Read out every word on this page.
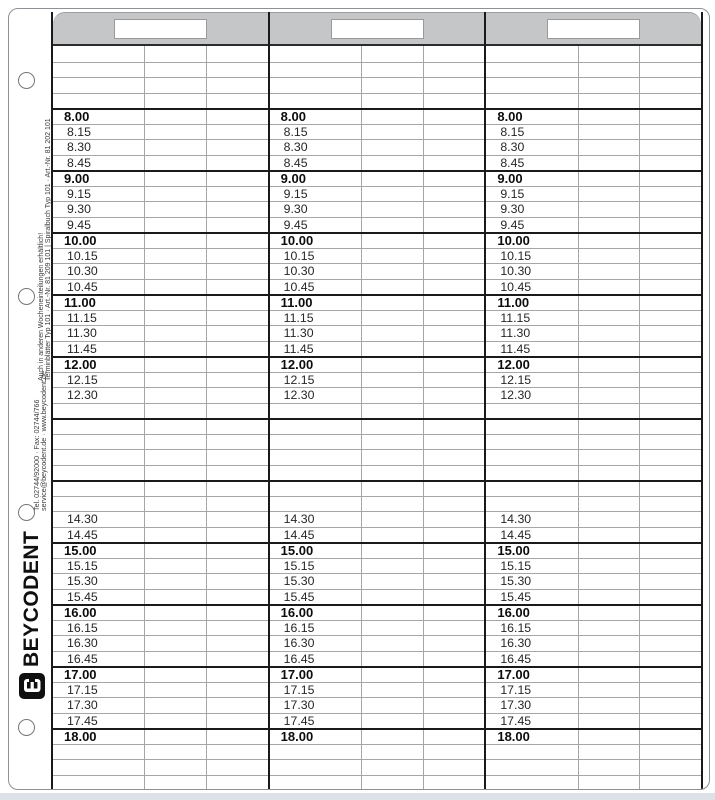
Auch in anderen Wocheneinteilungen erhältlich! Terminblätter Typ 101 · Art.-Nr. 81 209 101 | Spiralbuch Typ 101 · Art.-Nr. 81 202 101
Tel. 02744/92000 · Fax: 02744/766
service@beycodent.de · www.beycodent.de
BEYCODENT
8.00
8.15
8.30
8.45
9.00
9.15
9.30
9.45
10.00
10.15
10.30
10.45
11.00
11.15
11.30
11.45
12.00
12.15
12.30
14.30
14.45
15.00
15.15
15.30
15.45
16.00
16.15
16.30
16.45
17.00
17.15
17.30
17.45
18.00
8.00
8.15
8.30
8.45
9.00
9.15
9.30
9.45
10.00
10.15
10.30
10.45
11.00
11.15
11.30
11.45
12.00
12.15
12.30
14.30
14.45
15.00
15.15
15.30
15.45
16.00
16.15
16.30
16.45
17.00
17.15
17.30
17.45
18.00
8.00
8.15
8.30
8.45
9.00
9.15
9.30
9.45
10.00
10.15
10.30
10.45
11.00
11.15
11.30
11.45
12.00
12.15
12.30
14.30
14.45
15.00
15.15
15.30
15.45
16.00
16.15
16.30
16.45
17.00
17.15
17.30
17.45
18.00
